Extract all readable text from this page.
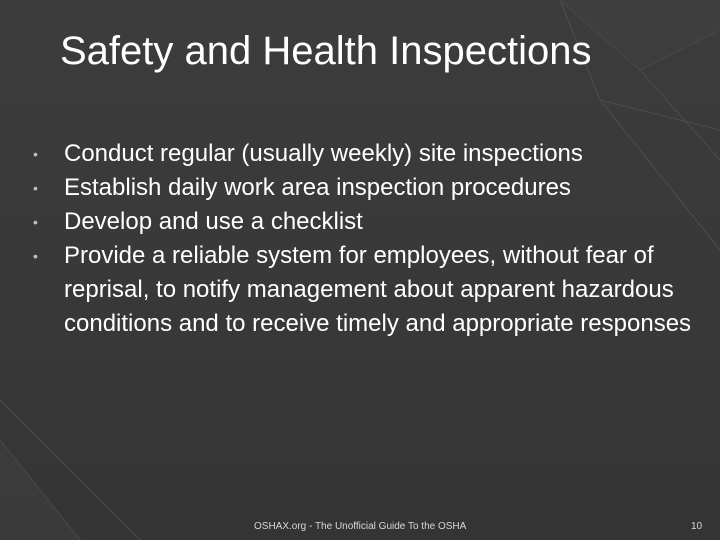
Safety and Health Inspections
• Conduct regular (usually weekly) site inspections
• Establish daily work area inspection procedures
• Develop and use a checklist
• Provide a reliable system for employees, without fear of reprisal, to notify management about apparent hazardous conditions and to receive timely and appropriate responses
OSHAX.org - The Unofficial Guide To the OSHA	10
